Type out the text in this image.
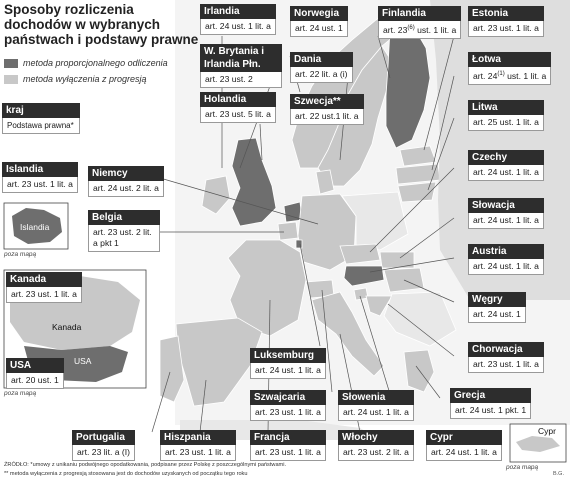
Sposoby rozliczenia dochodów w wybranych państwach i podstawy prawne
metoda proporcjonalnego odliczenia
metoda wyłączenia z progresją
kraj
Podstawa prawna*
Irlandia
art. 24 ust. 1 lit. a
Norwegia
art. 24 ust. 1
Finlandia
art. 23$^{(6)}$ ust. 1 lit. a
Estonia
art. 23 ust. 1 lit. a
W. Brytania i Irlandia Płn.
art. 23 ust. 2
Dania
art. 22 lit. a (i)
Łotwa
art. 24$^{(1)}$ ust. 1 lit. a
Holandia
art. 23 ust. 5 lit. a
Szwecja**
art. 22 ust.1 lit. a
Litwa
art. 25 ust. 1 lit. a
Islandia
art. 23 ust. 1 lit. a
Niemcy
art. 24 ust. 2 lit. a
Czechy
art. 24 ust. 1 lit. a
Belgia
art. 23 ust. 2 lit. a pkt 1
Słowacja
art. 24 ust. 1 lit. a
Kanada
art. 23 ust. 1 lit. a
Austria
art. 24 ust. 1 lit. a
Węgry
art. 24 ust. 1
USA
art. 20 ust. 1
Luksemburg
art. 24 ust. 1 lit. a
Chorwacja
art. 23 ust. 1 lit. a
Szwajcaria
art. 23 ust. 1 lit. a
Słowenia
art. 24 ust. 1 lit. a
Grecja
art. 24 ust. 1 pkt. 1
Portugalia
art. 23 lit. a (I)
Hiszpania
art. 23 ust. 1 lit. a
Francja
art. 23 ust. 1 lit. a
Włochy
art. 23 ust. 2 lit. a
Cypr
art. 24 ust. 1 lit. a
Islandia
Kanada
USA
Cypr
poza mapą
poza mapą
poza mapą
ŹRÓDŁO: *umowy z unikaniu podwójnego opodatkowania, podpisane przez Polskę z poszczególnymi państwami.
** metoda wyłączenia z progresją stosowana jest do dochodów uzyskanych od początku tego roku	B.G.
